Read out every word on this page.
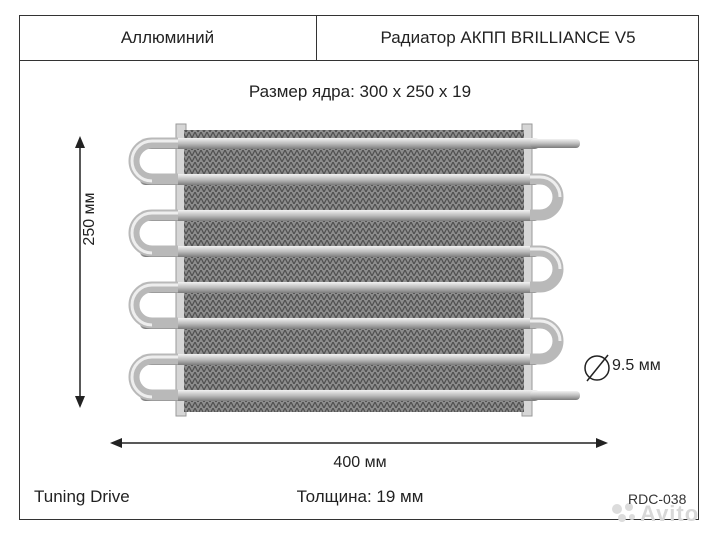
Аллюминий	Радиатор АКПП BRILLIANCE V5
Размер ядра: 300 х 250 х 19
250 мм
400 мм
9.5 мм
Tuning Drive	Толщина: 19 мм
Avito
RDC-038
